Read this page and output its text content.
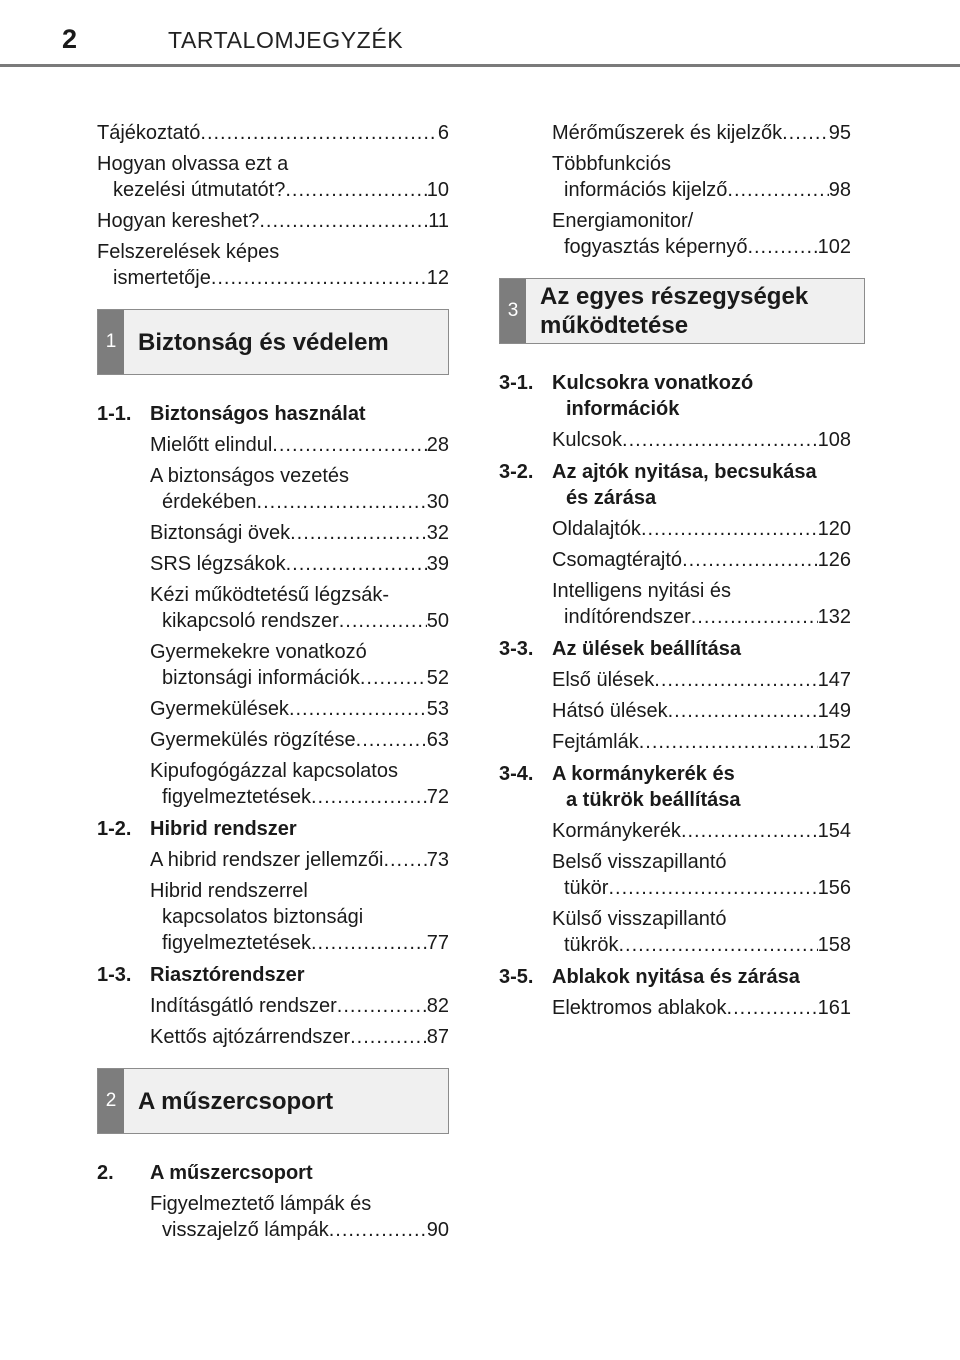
2	TARTALOMJEGYZÉK
Tájékoztató .....	6
Hogyan olvassa ezt a
kezelési útmutatót? .....	10
Hogyan kereshet? .....	11
Felszerelések képes
ismertetője .....	12
1 Biztonság és védelem
1-1. Biztonságos használat
Mielőtt elindul .....	28
A biztonságos vezetés
érdekében .....	30
Biztonsági övek .....	32
SRS légzsákok .....	39
Kézi működtetésű légzsák-
kikapcsoló rendszer .....	50
Gyermekekre vonatkozó
biztonsági információk .....	52
Gyermekülések .....	53
Gyermekülés rögzítése .....	63
Kipufogógázzal kapcsolatos
figyelmeztetések .....	72
1-2. Hibrid rendszer
A hibrid rendszer jellemzői ..... 73
Hibrid rendszerrel
kapcsolatos biztonsági
figyelmeztetések .....	77
1-3. Riasztórendszer
Indításgátló rendszer .....	82
Kettős ajtózárrendszer .....	87
2 A műszercsoport
2.	A műszercsoport
Figyelmeztető lámpák és
visszajelző lámpák .....	90
Mérőműszerek és kijelzők ..... 95
Többfunkciós
információs kijelző .....	98
Energiamonitor/
fogyasztás képernyő .....	102
3
Az egyes részegységek
működtetése
3-1. Kulcsokra vonatkozó
információk
Kulcsok .....	108
3-2. Az ajtók nyitása, becsukása
és zárása
Oldalajtók .....	120
Csomagtérajtó .....	126
Intelligens nyitási és
indítórendszer .....	132
3-3. Az ülések beállítása
Első ülések .....	147
Hátsó ülések .....	149
Fejtámlák .....	152
3-4. A kormánykerék és
a tükrök beállítása
Kormánykerék .....	154
Belső visszapillantó
tükör .....	156
Külső visszapillantó
tükrök .....	158
3-5. Ablakok nyitása és zárása
Elektromos ablakok .....	161
